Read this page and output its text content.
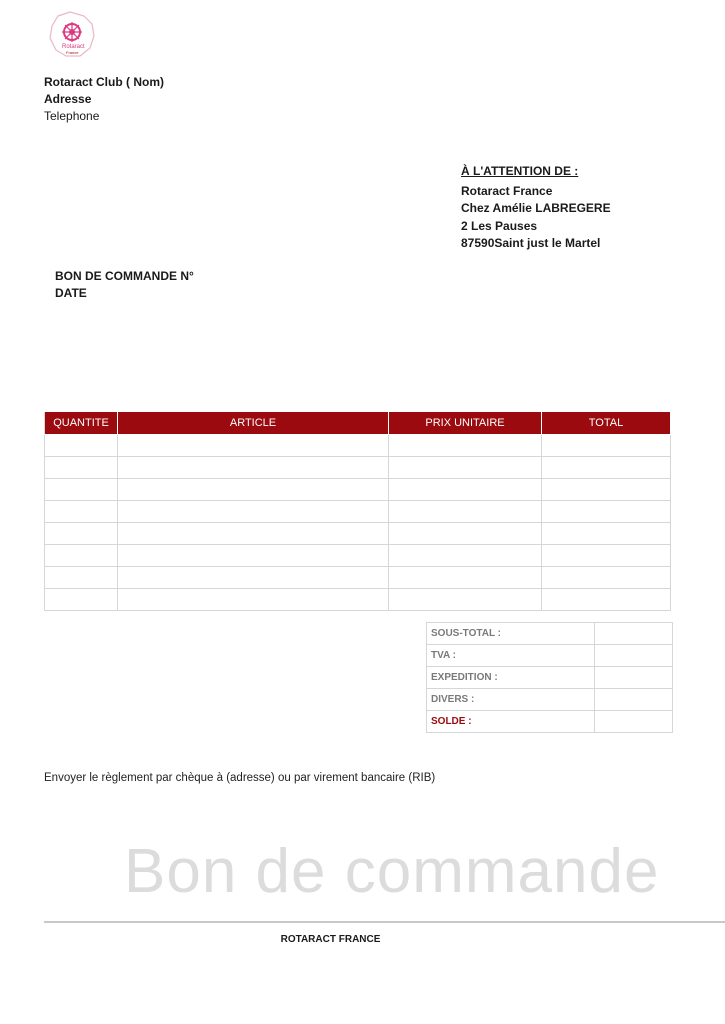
Rotaract
France
Rotaract Club ( Nom)
Adresse
Telephone
À L'ATTENTION DE :
Rotaract France
Chez Amélie LABREGERE
2 Les Pauses
87590Saint just le Martel
BON DE COMMANDE N°
DATE
QUANTITE	ARTICLE	PRIX UNITAIRE	TOTAL

SOUS-TOTAL :	
TVA :	
EXPEDITION :	
DIVERS :	
SOLDE :	
Envoyer le règlement par chèque à (adresse) ou par virement bancaire (RIB)
Bon de commande
ROTARACT FRANCE
